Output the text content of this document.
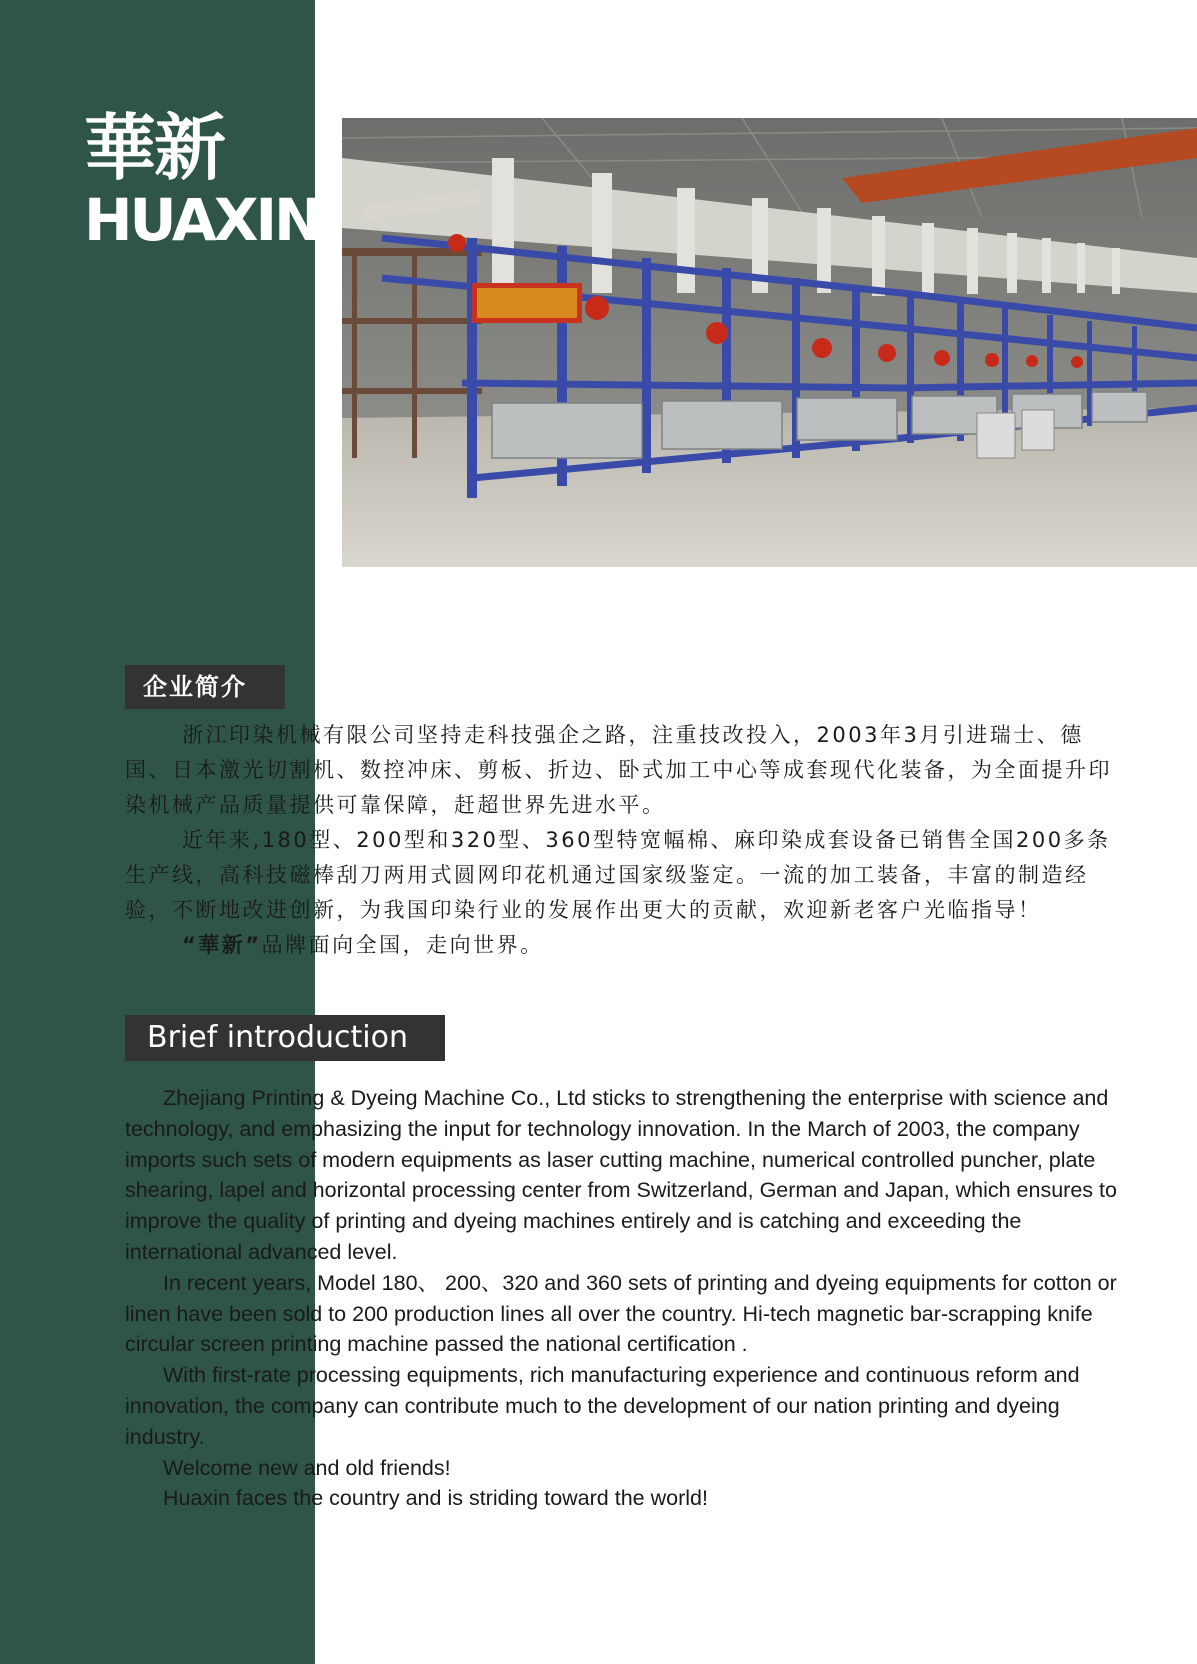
華新
HUAXIN
企业简介

浙江印染机械有限公司坚持走科技强企之路，注重技改投入，2003年3月引进瑞士、德国、日本激光切割机、数控冲床、剪板、折边、卧式加工中心等成套现代化装备，为全面提升印染机械产品质量提供可靠保障，赶超世界先进水平。

近年来,180型、200型和320型、360型特宽幅棉、麻印染成套设备已销售全国200多条生产线，高科技磁棒刮刀两用式圆网印花机通过国家级鉴定。一流的加工装备，丰富的制造经验，不断地改进创新，为我国印染行业的发展作出更大的贡献，欢迎新老客户光临指导！

“華新”品牌面向全国，走向世界。

Brief introduction

Zhejiang Printing & Dyeing Machine Co., Ltd sticks to strengthening the enterprise with science and technology, and emphasizing the input for technology innovation. In the March of 2003, the company imports such sets of modern equipments as laser cutting machine, numerical controlled puncher, plate shearing, lapel and horizontal processing center from Switzerland, German and Japan, which ensures to improve the quality of printing and dyeing machines entirely and is catching and exceeding the international advanced level.

In recent years, Model 180、 200、320 and 360 sets of printing and dyeing equipments for cotton or linen have been sold to 200 production lines all over the country. Hi-tech magnetic bar-scrapping knife circular screen printing machine passed the national certification .

With first-rate processing equipments, rich manufacturing experience and continuous reform and innovation, the company can contribute much to the development of our nation printing and dyeing industry.

Welcome new and old friends!

Huaxin faces the country and is striding toward the world!
